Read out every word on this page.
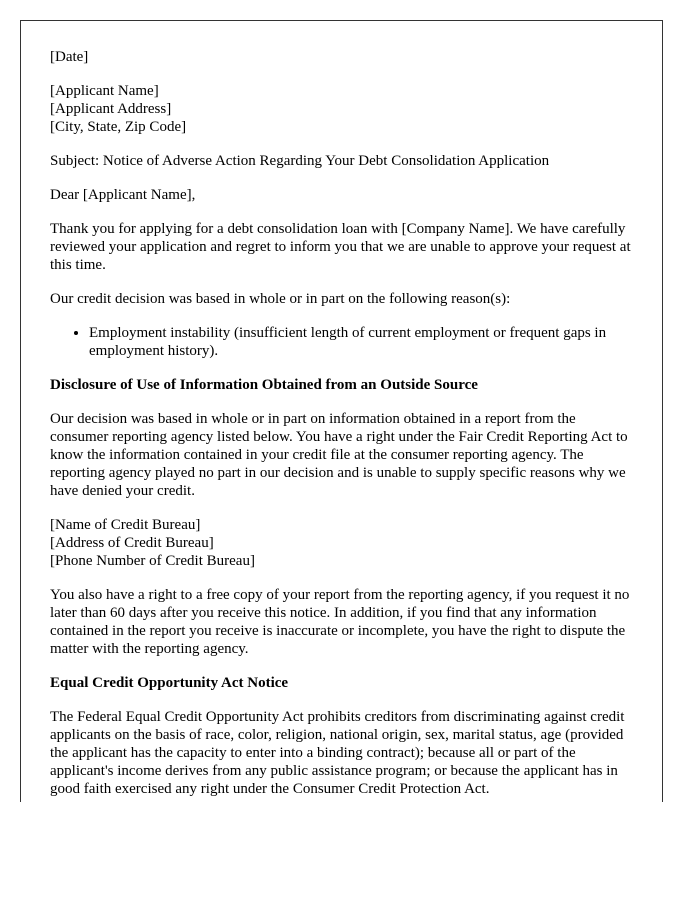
[Date]

[Applicant Name]
[Applicant Address]
[City, State, Zip Code]

Subject: Notice of Adverse Action Regarding Your Debt Consolidation Application

Dear [Applicant Name],

Thank you for applying for a debt consolidation loan with [Company Name]. We have carefully reviewed your application and regret to inform you that we are unable to approve your request at this time.

Our credit decision was based in whole or in part on the following reason(s):

• Employment instability (insufficient length of current employment or frequent gaps in employment history).
Disclosure of Use of Information Obtained from an Outside Source

Our decision was based in whole or in part on information obtained in a report from the consumer reporting agency listed below. You have a right under the Fair Credit Reporting Act to know the information contained in your credit file at the consumer reporting agency. The reporting agency played no part in our decision and is unable to supply specific reasons why we have denied your credit.

[Name of Credit Bureau]
[Address of Credit Bureau]
[Phone Number of Credit Bureau]

You also have a right to a free copy of your report from the reporting agency, if you request it no later than 60 days after you receive this notice. In addition, if you find that any information contained in the report you receive is inaccurate or incomplete, you have the right to dispute the matter with the reporting agency.

Equal Credit Opportunity Act Notice

The Federal Equal Credit Opportunity Act prohibits creditors from discriminating against credit applicants on the basis of race, color, religion, national origin, sex, marital status, age (provided the applicant has the capacity to enter into a binding contract); because all or part of the applicant's income derives from any public assistance program; or because the applicant has in good faith exercised any right under the Consumer Credit Protection Act.
